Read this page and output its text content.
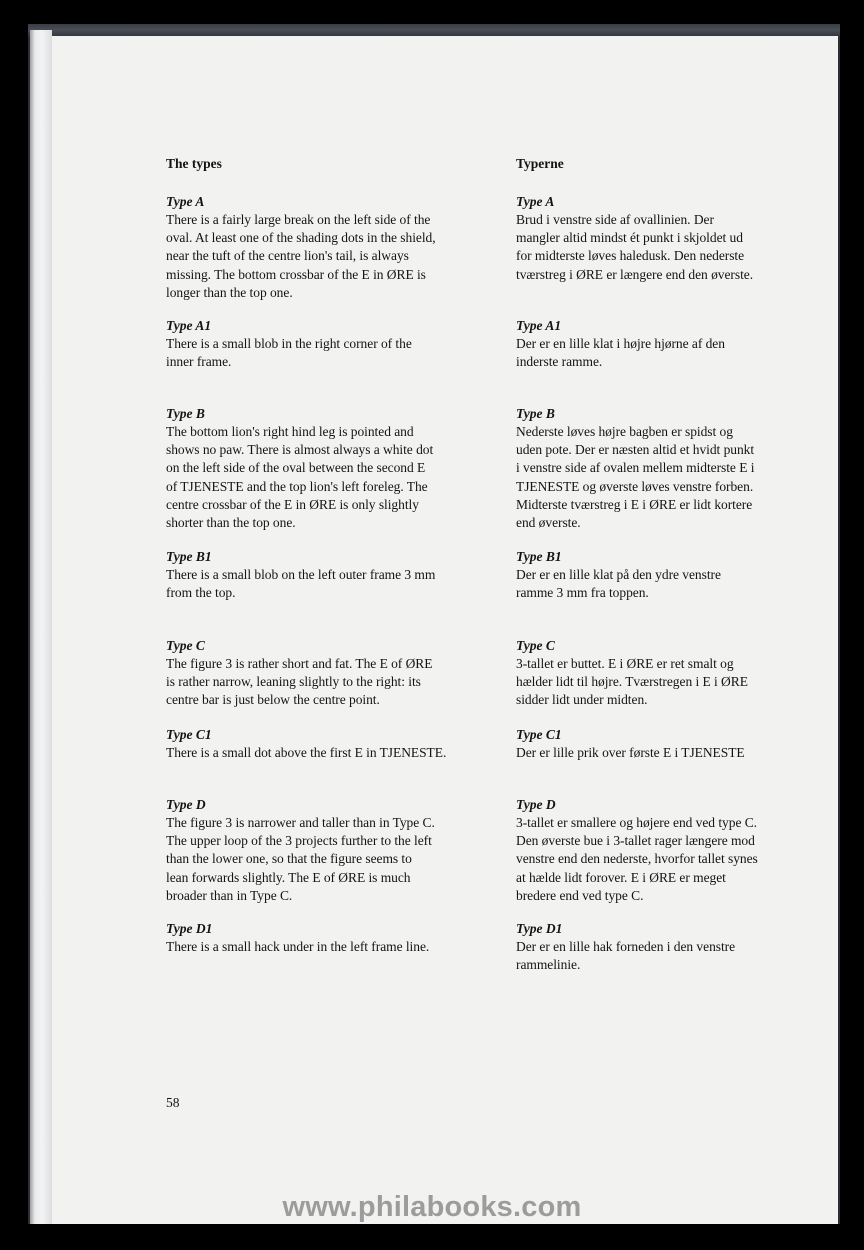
The types

Type A

There is a fairly large break on the left side of the
oval. At least one of the shading dots in the shield,
near the tuft of the centre lion's tail, is always
missing. The bottom crossbar of the E in ØRE is
longer than the top one.

Type A1

There is a small blob in the right corner of the
inner frame.

Type B

The bottom lion's right hind leg is pointed and
shows no paw. There is almost always a white dot
on the left side of the oval between the second E
of TJENESTE and the top lion's left foreleg. The
centre crossbar of the E in ØRE is only slightly
shorter than the top one.

Type B1

There is a small blob on the left outer frame 3 mm
from the top.

Type C

The figure 3 is rather short and fat. The E of ØRE
is rather narrow, leaning slightly to the right: its
centre bar is just below the centre point.

Type C1

There is a small dot above the first E in TJENESTE.

Type D

The figure 3 is narrower and taller than in Type C.
The upper loop of the 3 projects further to the left
than the lower one, so that the figure seems to
lean forwards slightly. The E of ØRE is much
broader than in Type C.

Type D1

There is a small hack under in the left frame line.

Typerne

Type A

Brud i venstre side af ovallinien. Der
mangler altid mindst ét punkt i skjoldet ud
for midterste løves haledusk. Den nederste
tværstreg i ØRE er længere end den øverste.

Type A1

Der er en lille klat i højre hjørne af den
inderste ramme.

Type B

Nederste løves højre bagben er spidst og
uden pote. Der er næsten altid et hvidt punkt
i venstre side af ovalen mellem midterste E i
TJENESTE og øverste løves venstre forben.
Midterste tværstreg i E i ØRE er lidt kortere
end øverste.

Type B1

Der er en lille klat på den ydre venstre
ramme 3 mm fra toppen.

Type C

3-tallet er buttet. E i ØRE er ret smalt og
hælder lidt til højre. Tværstregen i E i ØRE
sidder lidt under midten.

Type C1

Der er lille prik over første E i TJENESTE

Type D

3-tallet er smallere og højere end ved type C.
Den øverste bue i 3-tallet rager længere mod
venstre end den nederste, hvorfor tallet synes
at hælde lidt forover. E i ØRE er meget
bredere end ved type C.

Type D1

Der er en lille hak forneden i den venstre
rammelinie.

58
www.philabooks.com
